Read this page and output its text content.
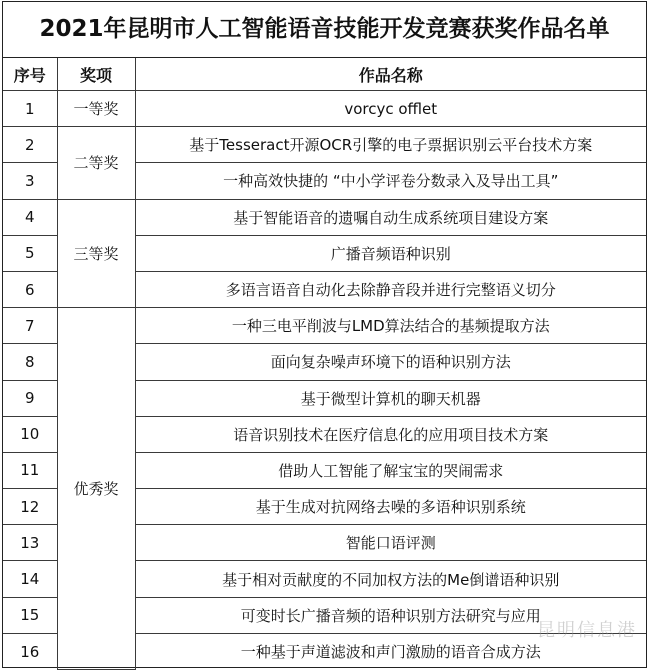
2021年昆明市人工智能语音技能开发竞赛获奖作品名单
序号	奖项	作品名称
1	一等奖	vorcyc offlet
2	二等奖	基于Tesseract开源OCR引擎的电子票据识别云平台技术方案
3		一种高效快捷的 “中小学评卷分数录入及导出工具”
4	三等奖	基于智能语音的遗嘱自动生成系统项目建设方案
5		广播音频语种识别
6		多语言语音自动化去除静音段并进行完整语义切分
7	优秀奖	一种三电平削波与LMD算法结合的基频提取方法
8		面向复杂噪声环境下的语种识别方法
9		基于微型计算机的聊天机器
10		语音识别技术在医疗信息化的应用项目技术方案
11		借助人工智能了解宝宝的哭闹需求
12		基于生成对抗网络去噪的多语种识别系统
13		智能口语评测
14		基于相对贡献度的不同加权方法的Me倒谱语种识别
15		可变时长广播音频的语种识别方法研究与应用
16		一种基于声道滤波和声门激励的语音合成方法
昆明信息港
